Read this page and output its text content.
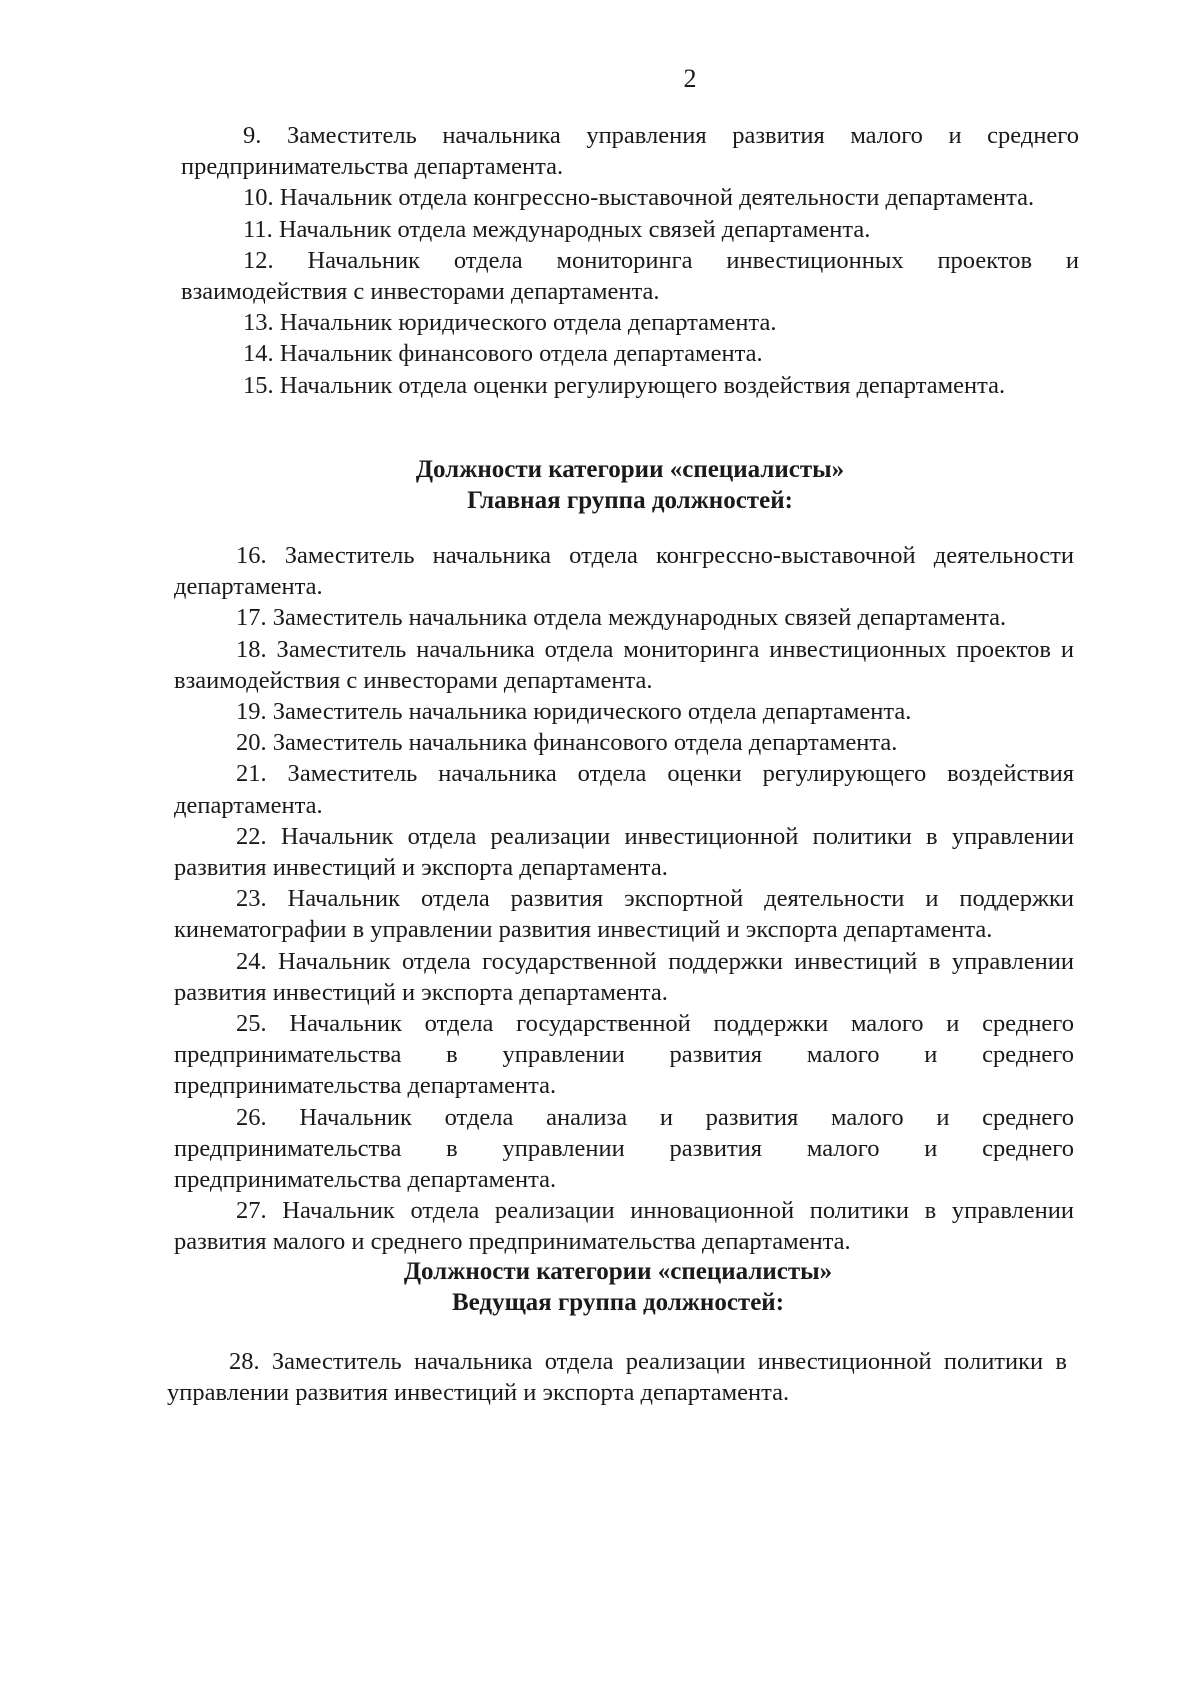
2

9. Заместитель начальника управления развития малого и среднего предпринимательства департамента.

10. Начальник отдела конгрессно-выставочной деятельности департамента.

11. Начальник отдела международных связей департамента.

12. Начальник отдела мониторинга инвестиционных проектов и взаимодействия с инвесторами департамента.

13. Начальник юридического отдела департамента.

14. Начальник финансового отдела департамента.

15. Начальник отдела оценки регулирующего воздействия департамента.

Должности категории «специалисты»
Главная группа должностей:

16. Заместитель начальника отдела конгрессно-выставочной деятельности департамента.

17. Заместитель начальника отдела международных связей департамента.

18. Заместитель начальника отдела мониторинга инвестиционных проектов и взаимодействия с инвесторами департамента.

19. Заместитель начальника юридического отдела департамента.

20. Заместитель начальника финансового отдела департамента.

21. Заместитель начальника отдела оценки регулирующего воздействия департамента.

22. Начальник отдела реализации инвестиционной политики в управлении развития инвестиций и экспорта департамента.

23. Начальник отдела развития экспортной деятельности и поддержки кинематографии в управлении развития инвестиций и экспорта департамента.

24. Начальник отдела государственной поддержки инвестиций в управлении развития инвестиций и экспорта департамента.

25. Начальник отдела государственной поддержки малого и среднего предпринимательства в управлении развития малого и среднего предпринимательства департамента.

26. Начальник отдела анализа и развития малого и среднего предпринимательства в управлении развития малого и среднего предпринимательства департамента.

27. Начальник отдела реализации инновационной политики в управлении развития малого и среднего предпринимательства департамента.

Должности категории «специалисты»
Ведущая группа должностей:

28. Заместитель начальника отдела реализации инвестиционной политики в управлении развития инвестиций и экспорта департамента.
